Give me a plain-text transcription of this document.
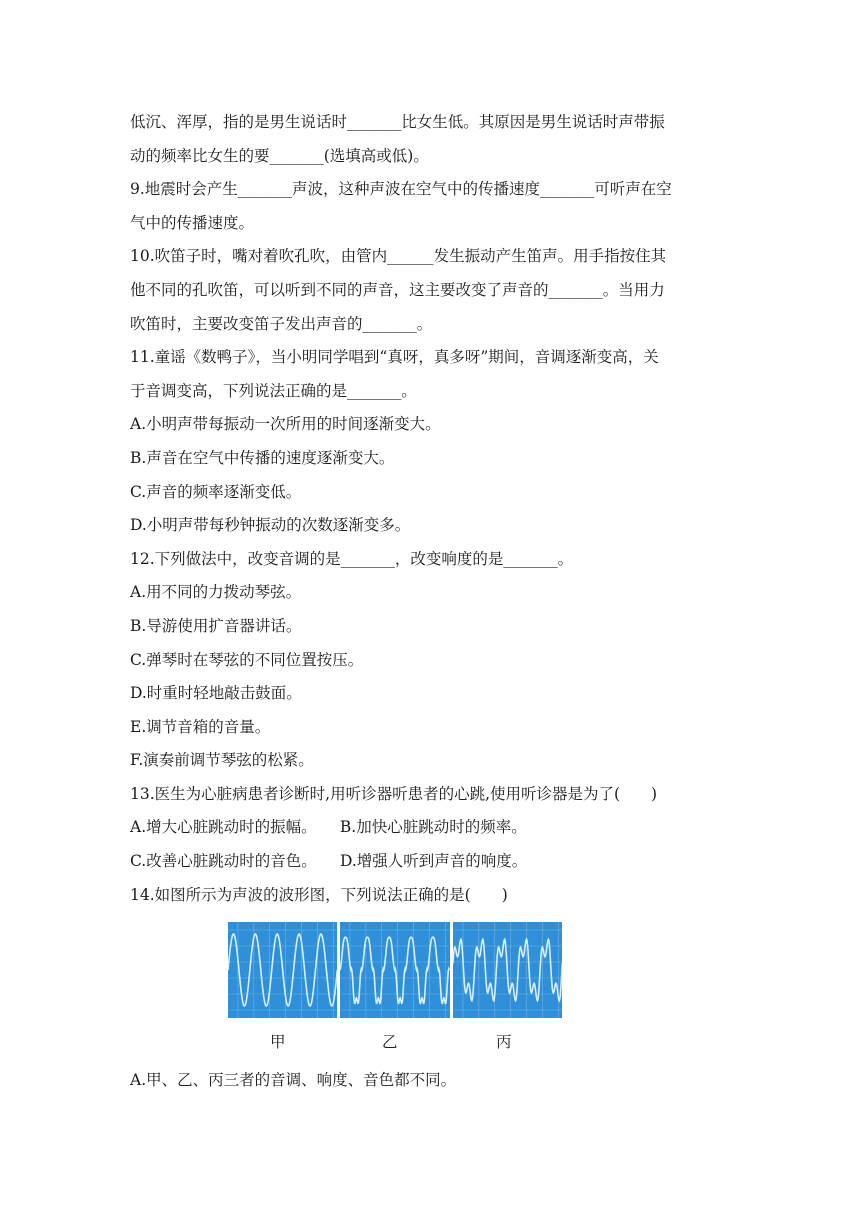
低沉、浑厚，指的是男生说话时_______比女生低。其原因是男生说话时声带振
动的频率比女生的要_______(选填高或低)。
9.地震时会产生_______声波，这种声波在空气中的传播速度_______可听声在空
气中的传播速度。
10.吹笛子时，嘴对着吹孔吹，由管内______发生振动产生笛声。用手指按住其
他不同的孔吹笛，可以听到不同的声音，这主要改变了声音的_______。当用力
吹笛时，主要改变笛子发出声音的_______。
11.童谣《数鸭子》，当小明同学唱到“真呀，真多呀”期间，音调逐渐变高，关
于音调变高，下列说法正确的是_______。
A.小明声带每振动一次所用的时间逐渐变大。
B.声音在空气中传播的速度逐渐变大。
C.声音的频率逐渐变低。
D.小明声带每秒钟振动的次数逐渐变多。
12.下列做法中，改变音调的是_______，改变响度的是_______。
A.用不同的力拨动琴弦。
B.导游使用扩音器讲话。
C.弹琴时在琴弦的不同位置按压。
D.时重时轻地敲击鼓面。
E.调节音箱的音量。
F.演奏前调节琴弦的松紧。
13.医生为心脏病患者诊断时,用听诊器听患者的心跳,使用听诊器是为了(　　)
A.增大心脏跳动时的振幅。　　B.加快心脏跳动时的频率。
C.改善心脏跳动时的音色。　　D.增强人听到声音的响度。
14.如图所示为声波的波形图，下列说法正确的是(　　)
甲	乙	丙
A.甲、乙、丙三者的音调、响度、音色都不同。
